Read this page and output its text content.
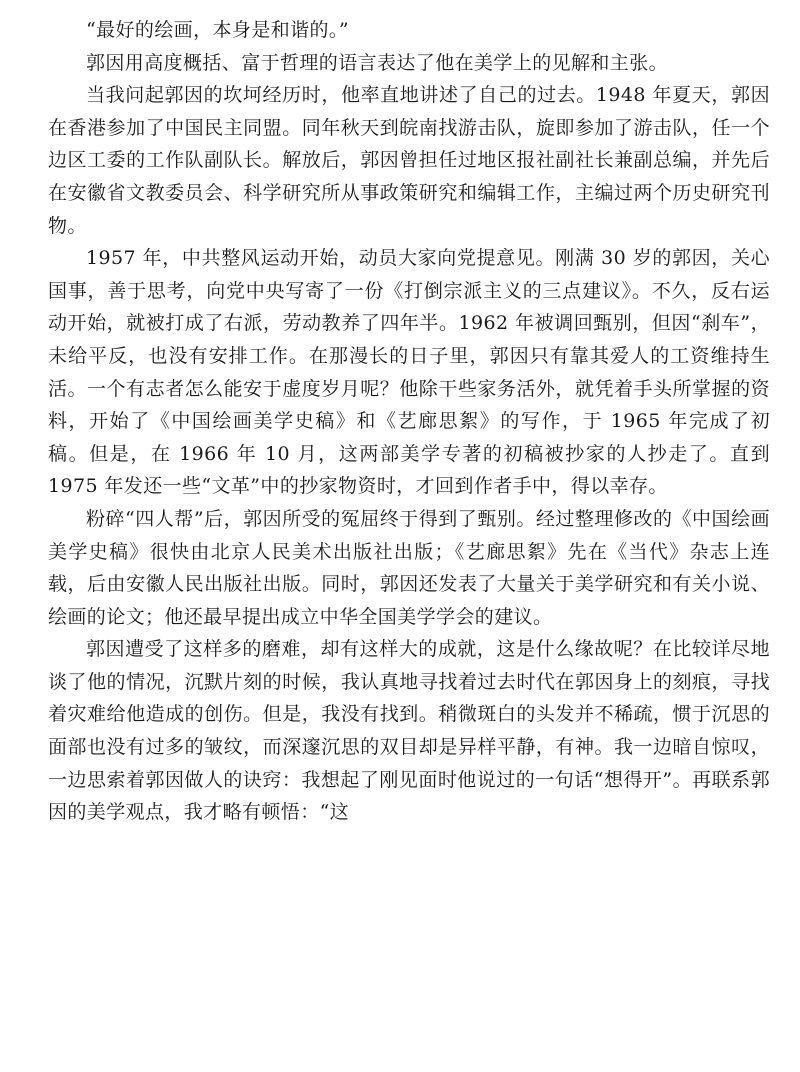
“最好的绘画，本身是和谐的。”

郭因用高度概括、富于哲理的语言表达了他在美学上的见解和主张。

当我问起郭因的坎坷经历时，他率直地讲述了自己的过去。1948 年夏天，郭因在香港参加了中国民主同盟。同年秋天到皖南找游击队，旋即参加了游击队，任一个边区工委的工作队副队长。解放后，郭因曾担任过地区报社副社长兼副总编，并先后在安徽省文教委员会、科学研究所从事政策研究和编辑工作，主编过两个历史研究刊物。

1957 年，中共整风运动开始，动员大家向党提意见。刚满 30 岁的郭因，关心国事，善于思考，向党中央写寄了一份《打倒宗派主义的三点建议》。不久，反右运动开始，就被打成了右派，劳动教养了四年半。1962 年被调回甄别，但因“刹车”，未给平反，也没有安排工作。在那漫长的日子里，郭因只有靠其爱人的工资维持生活。一个有志者怎么能安于虚度岁月呢？他除干些家务活外，就凭着手头所掌握的资料，开始了《中国绘画美学史稿》和《艺廊思絮》的写作，于 1965 年完成了初稿。但是，在 1966 年 10 月，这两部美学专著的初稿被抄家的人抄走了。直到 1975 年发还一些“文革”中的抄家物资时，才回到作者手中，得以幸存。

粉碎“四人帮”后，郭因所受的冤屈终于得到了甄别。经过整理修改的《中国绘画美学史稿》很快由北京人民美术出版社出版；《艺廊思絮》先在《当代》杂志上连载，后由安徽人民出版社出版。同时，郭因还发表了大量关于美学研究和有关小说、绘画的论文；他还最早提出成立中华全国美学学会的建议。

郭因遭受了这样多的磨难，却有这样大的成就，这是什么缘故呢？在比较详尽地谈了他的情况，沉默片刻的时候，我认真地寻找着过去时代在郭因身上的刻痕，寻找着灾难给他造成的创伤。但是，我没有找到。稍微斑白的头发并不稀疏，惯于沉思的面部也没有过多的皱纹，而深邃沉思的双目却是异样平静，有神。我一边暗自惊叹，一边思索着郭因做人的诀窍：我想起了刚见面时他说过的一句话“想得开”。再联系郭因的美学观点，我才略有顿悟：“这
